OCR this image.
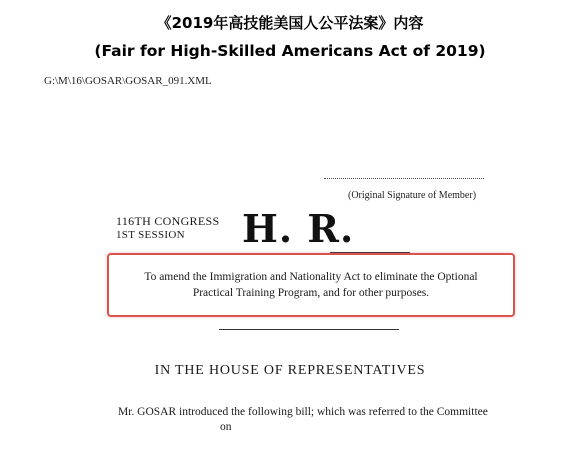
《2019年高技能美国人公平法案》内容
(Fair for High-Skilled Americans Act of 2019)
G:\M\16\GOSAR\GOSAR_091.XML
(Original Signature of Member)
116TH CONGRESS
1ST SESSION H. R.
To amend the Immigration and Nationality Act to eliminate the Optional Practical Training Program, and for other purposes.
IN THE HOUSE OF REPRESENTATIVES
Mr. GOSAR introduced the following bill; which was referred to the Committee
on
